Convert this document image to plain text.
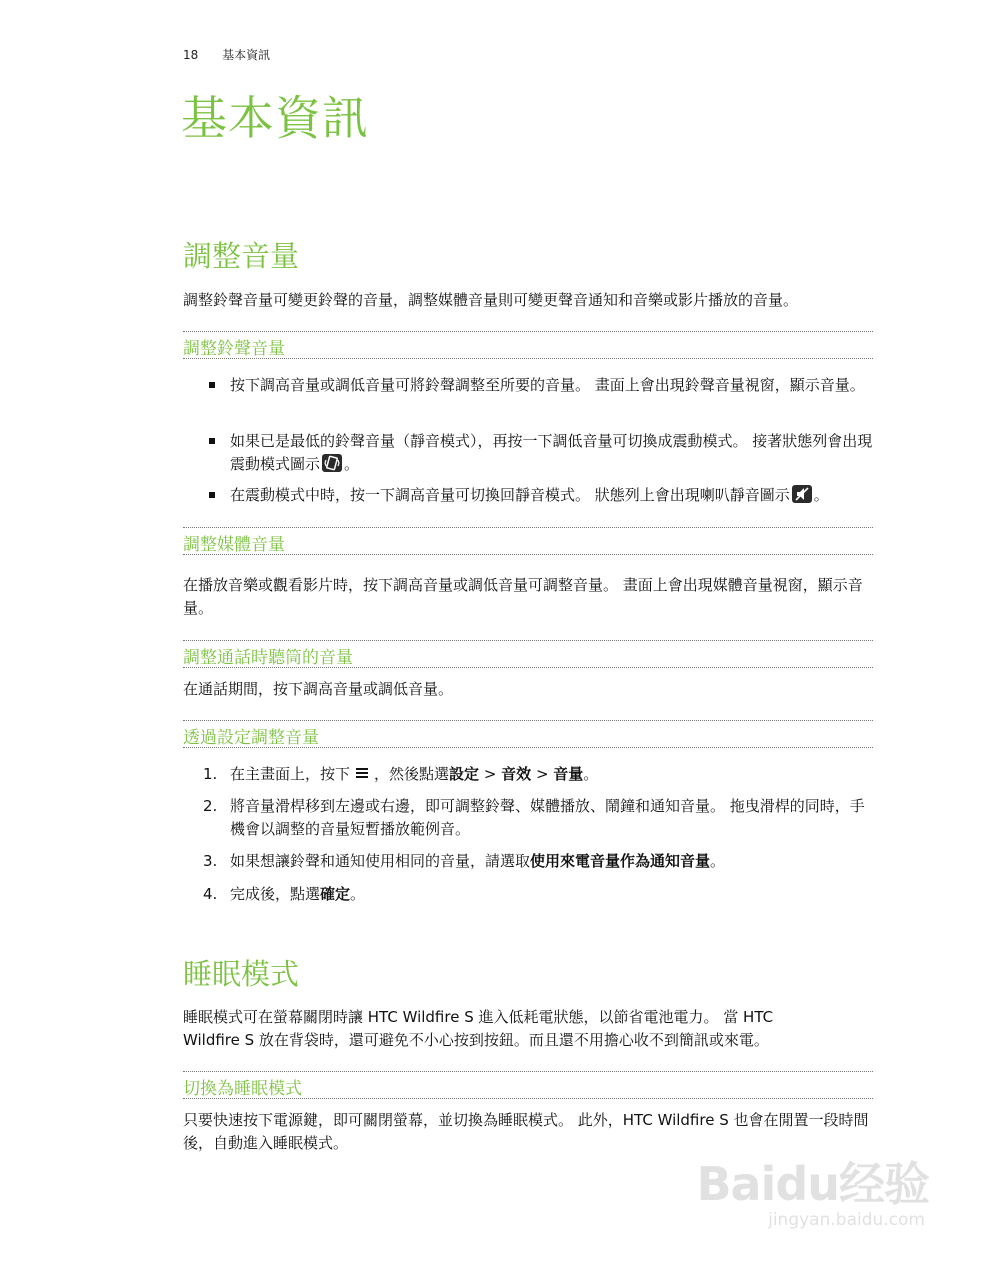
18 基本資訊
基本資訊
調整音量

調整鈴聲音量可變更鈴聲的音量，調整媒體音量則可變更聲音通知和音樂或影片播放的音量。

調整鈴聲音量

按下調高音量或調低音量可將鈴聲調整至所要的音量。 畫面上會出現鈴聲音量視窗，顯示音量。

如果已是最低的鈴聲音量（靜音模式），再按一下調低音量可切換成震動模式。 接著狀態列會出現震動模式圖示 。

在震動模式中時，按一下調高音量可切換回靜音模式。 狀態列上會出現喇叭靜音圖示 。

調整媒體音量

在播放音樂或觀看影片時，按下調高音量或調低音量可調整音量。 畫面上會出現媒體音量視窗，顯示音量。

調整通話時聽筒的音量

在通話期間，按下調高音量或調低音量。

透過設定調整音量
1. 在主畫面上，按下 ，然後點選設定 > 音效 > 音量。

2. 將音量滑桿移到左邊或右邊，即可調整鈴聲、媒體播放、鬧鐘和通知音量。 拖曳滑桿的同時，手機會以調整的音量短暫播放範例音。

3. 如果想讓鈴聲和通知使用相同的音量，請選取使用來電音量作為通知音量。

4. 完成後，點選確定。

睡眠模式

睡眠模式可在螢幕關閉時讓 HTC Wildfire S 進入低耗電狀態，以節省電池電力。 當 HTC Wildfire S 放在背袋時，還可避免不小心按到按鈕。而且還不用擔心收不到簡訊或來電。

切換為睡眠模式

只要快速按下電源鍵，即可關閉螢幕，並切換為睡眠模式。 此外，HTC Wildfire S 也會在閒置一段時間後，自動進入睡眠模式。

Baidu经验
jingyan.baidu.com
